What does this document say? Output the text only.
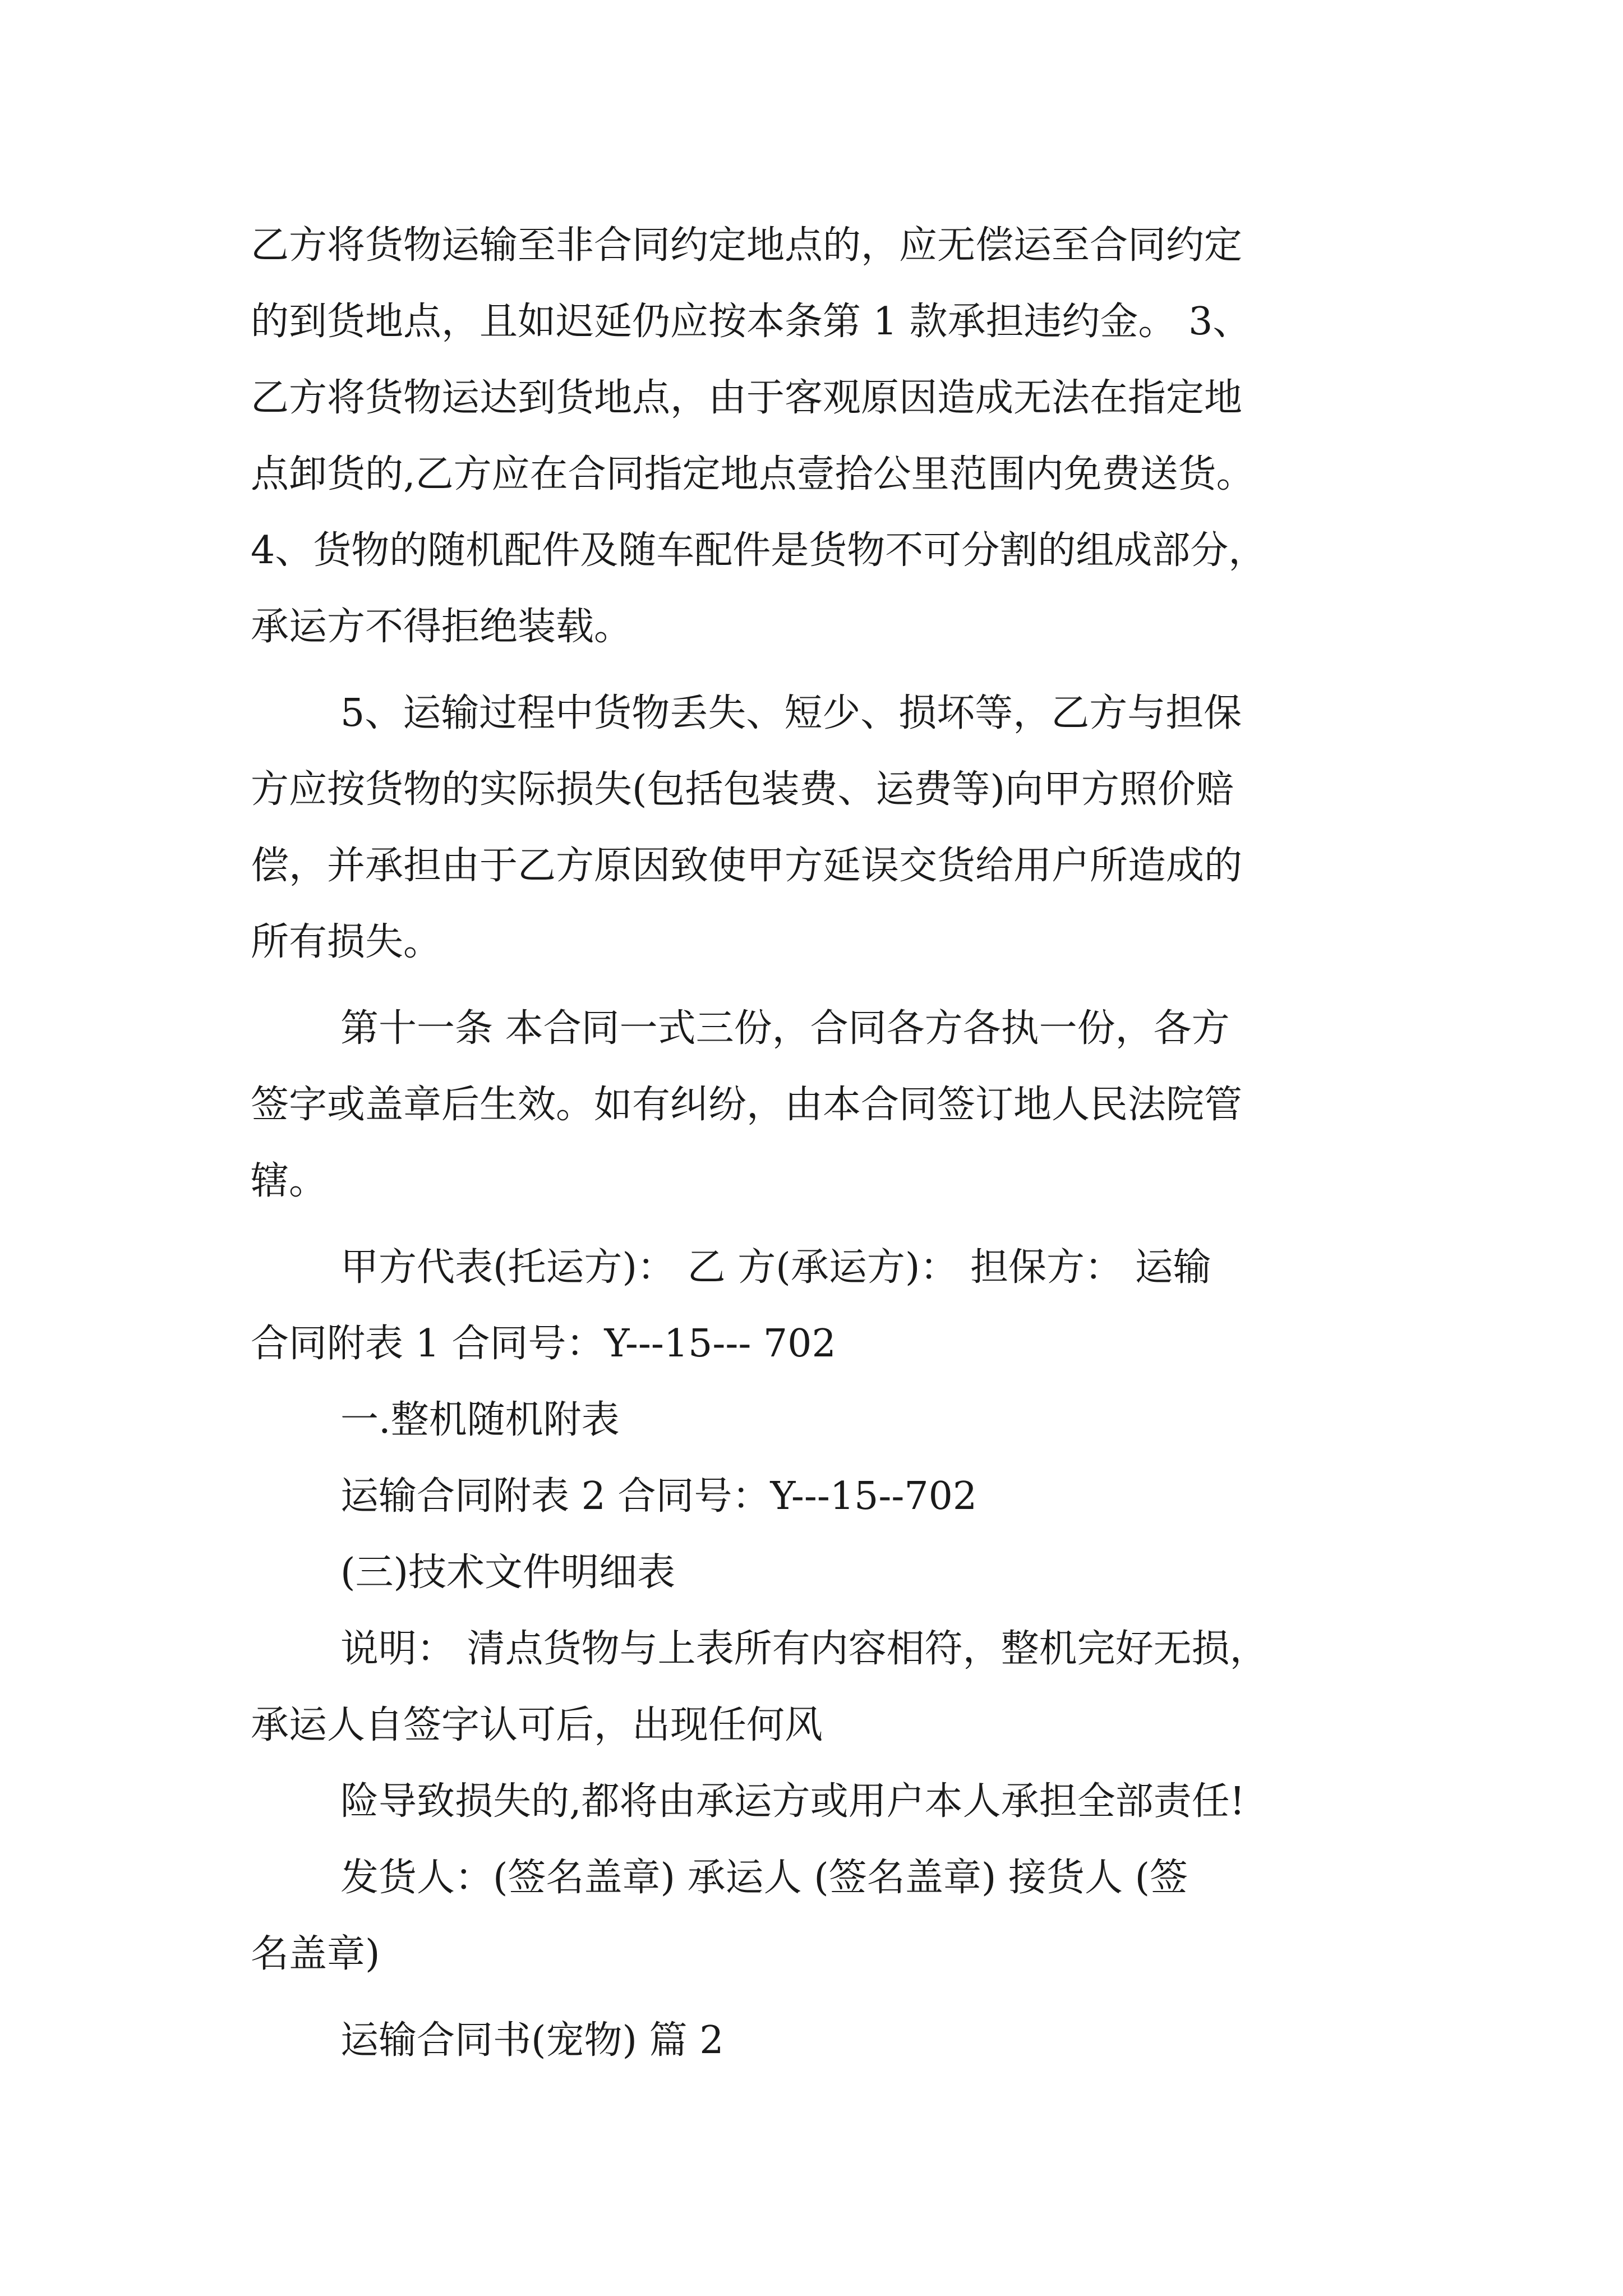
乙方将货物运输至非合同约定地点的，应无偿运至合同约定
的到货地点，且如迟延仍应按本条第 1 款承担违约金。 3、
乙方将货物运达到货地点，由于客观原因造成无法在指定地
点卸货的,乙方应在合同指定地点壹拾公里范围内免费送货。
4、货物的随机配件及随车配件是货物不可分割的组成部分，
承运方不得拒绝装载。
5、运输过程中货物丢失、短少、损坏等，乙方与担保
方应按货物的实际损失(包括包装费、运费等)向甲方照价赔
偿，并承担由于乙方原因致使甲方延误交货给用户所造成的
所有损失。
第十一条 本合同一式三份，合同各方各执一份，各方
签字或盖章后生效。如有纠纷，由本合同签订地人民法院管
辖。
甲方代表(托运方)： 乙 方(承运方)： 担保方： 运输
合同附表 1 合同号：Y---15--- 702
一.整机随机附表
运输合同附表 2 合同号：Y---15--702
(三)技术文件明细表
说明： 清点货物与上表所有内容相符，整机完好无损，
承运人自签字认可后，出现任何风
险导致损失的,都将由承运方或用户本人承担全部责任!
发货人：(签名盖章) 承运人 (签名盖章) 接货人 (签
名盖章)
运输合同书(宠物) 篇 2
